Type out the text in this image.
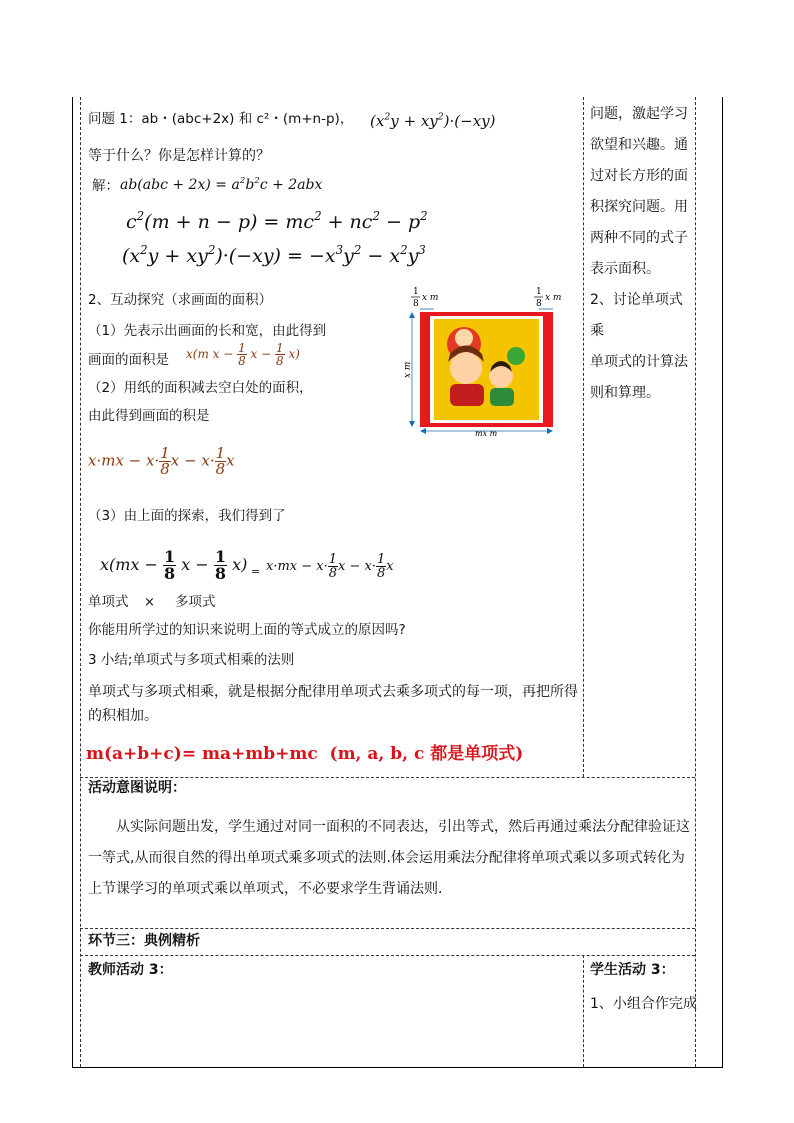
问题 1：ab・(abc+2x) 和 c²・(m+n-p)， $(x^2y + xy^2)\cdot(-xy)$
等于什么？你是怎样计算的？
解： $ab(abc + 2x) = a^2b^2c + 2abx$
$c^2(m + n - p) = mc^2 + nc^2 - p^2$
$(x^2y + xy^2)\cdot(-xy) = -x^3y^2 - x^2y^3$
2、互动探究（求画面的面积）
（1）先表示出画面的长和宽，由此得到
画面的面积是 x(m $x - \frac{1}{8}$ $x - \frac{1}{8} x$)
（2）用纸的面积减去空白处的面积，
由此得到画面的积是
$x\cdot mx - x\cdot \frac{1}{8}$ $x - x\cdot \frac{1}{8}$ x
（3）由上面的探索，我们得到了
$x(mx - \frac{1}{8}$ $x - \frac{1}{8} x) = x\cdot mx - x\cdot \frac{1}{8}$ $x - x\cdot \frac{1}{8}$ x
单项式 × 多项式
你能用所学过的知识来说明上面的等式成立的原因吗?
3 小结;单项式与多项式相乘的法则
单项式与多项式相乘，就是根据分配律用单项式去乘多项式的每一项，再把所得的积相加。
m(a+b+c)= ma+mb+mc  (m, a, b, c 都是单项式)
1
8
x m
1
8
x m
x m
mx m
问题，激起学习
欲望和兴趣。通
过对长方形的面
积探究问题。用
两种不同的式子
表示面积。
2、讨论单项式乘
单项式的计算法
则和算理。
活动意图说明：
从实际问题出发，学生通过对同一面积的不同表达，引出等式，然后再通过乘法分配律验证这一等式,从而很自然的得出单项式乘多项式的法则.体会运用乘法分配律将单项式乘以多项式转化为上节课学习的单项式乘以单项式，不必要求学生背诵法则.
环节三：典例精析
教师活动 3：	学生活动 3：
1、小组合作完成
